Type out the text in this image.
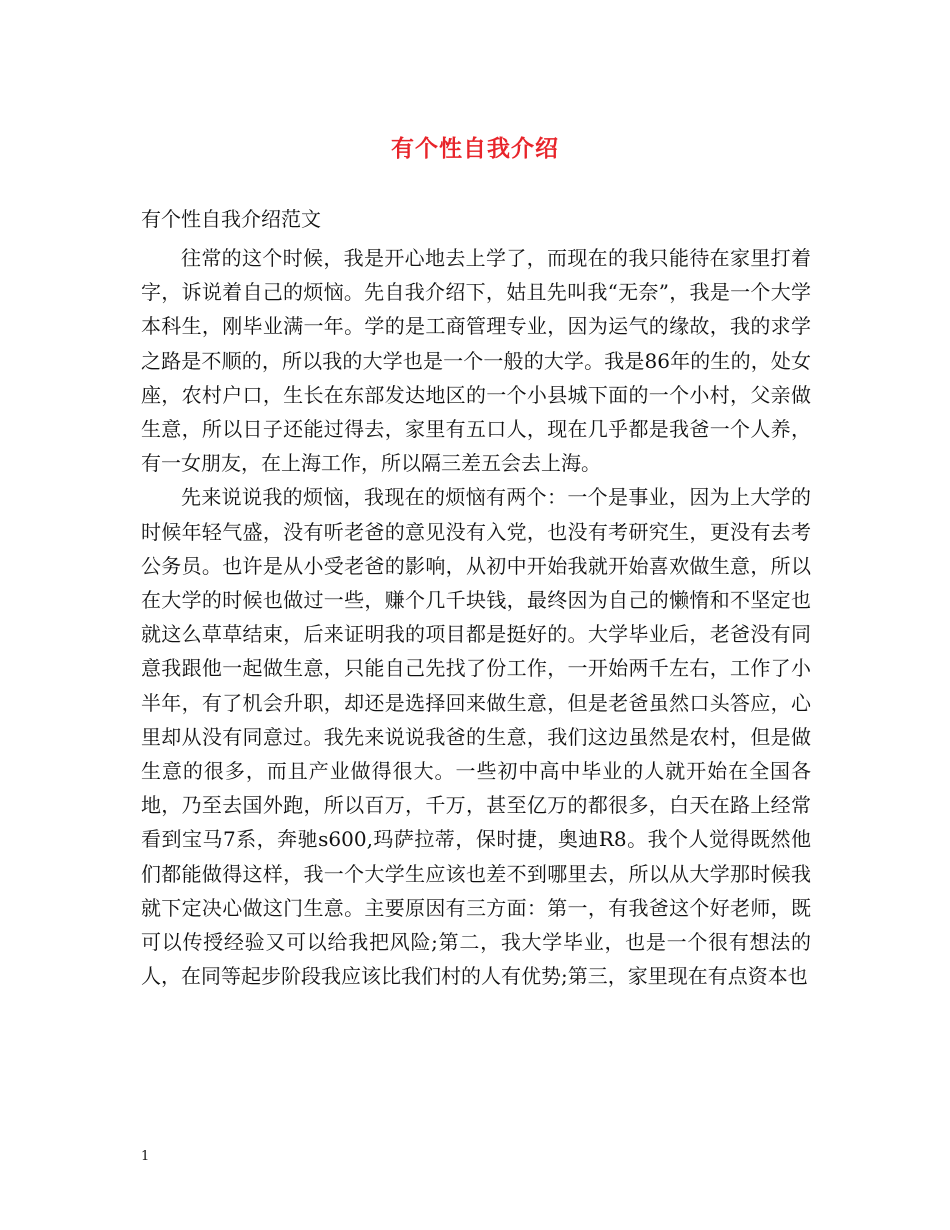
有个性自我介绍
有个性自我介绍范文

往常的这个时候，我是开心地去上学了，而现在的我只能待在家里打着字，诉说着自己的烦恼。先自我介绍下，姑且先叫我“无奈”，我是一个大学本科生，刚毕业满一年。学的是工商管理专业，因为运气的缘故，我的求学之路是不顺的，所以我的大学也是一个一般的大学。我是86年的生的，处女座，农村户口，生长在东部发达地区的一个小县城下面的一个小村，父亲做生意，所以日子还能过得去，家里有五口人，现在几乎都是我爸一个人养，有一女朋友，在上海工作，所以隔三差五会去上海。

先来说说我的烦恼，我现在的烦恼有两个：一个是事业，因为上大学的时候年轻气盛，没有听老爸的意见没有入党，也没有考研究生，更没有去考公务员。也许是从小受老爸的影响，从初中开始我就开始喜欢做生意，所以在大学的时候也做过一些，赚个几千块钱，最终因为自己的懒惰和不坚定也就这么草草结束，后来证明我的项目都是挺好的。大学毕业后，老爸没有同意我跟他一起做生意，只能自己先找了份工作，一开始两千左右，工作了小半年，有了机会升职，却还是选择回来做生意，但是老爸虽然口头答应，心里却从没有同意过。我先来说说我爸的生意，我们这边虽然是农村，但是做生意的很多，而且产业做得很大。一些初中高中毕业的人就开始在全国各地，乃至去国外跑，所以百万，千万，甚至亿万的都很多，白天在路上经常看到宝马7系，奔驰s600,玛萨拉蒂，保时捷，奥迪R8。我个人觉得既然他们都能做得这样，我一个大学生应该也差不到哪里去，所以从大学那时候我就下定决心做这门生意。主要原因有三方面：第一，有我爸这个好老师，既可以传授经验又可以给我把风险;第二，我大学毕业，也是一个很有想法的人，在同等起步阶段我应该比我们村的人有优势;第三，家里现在有点资本也

1
